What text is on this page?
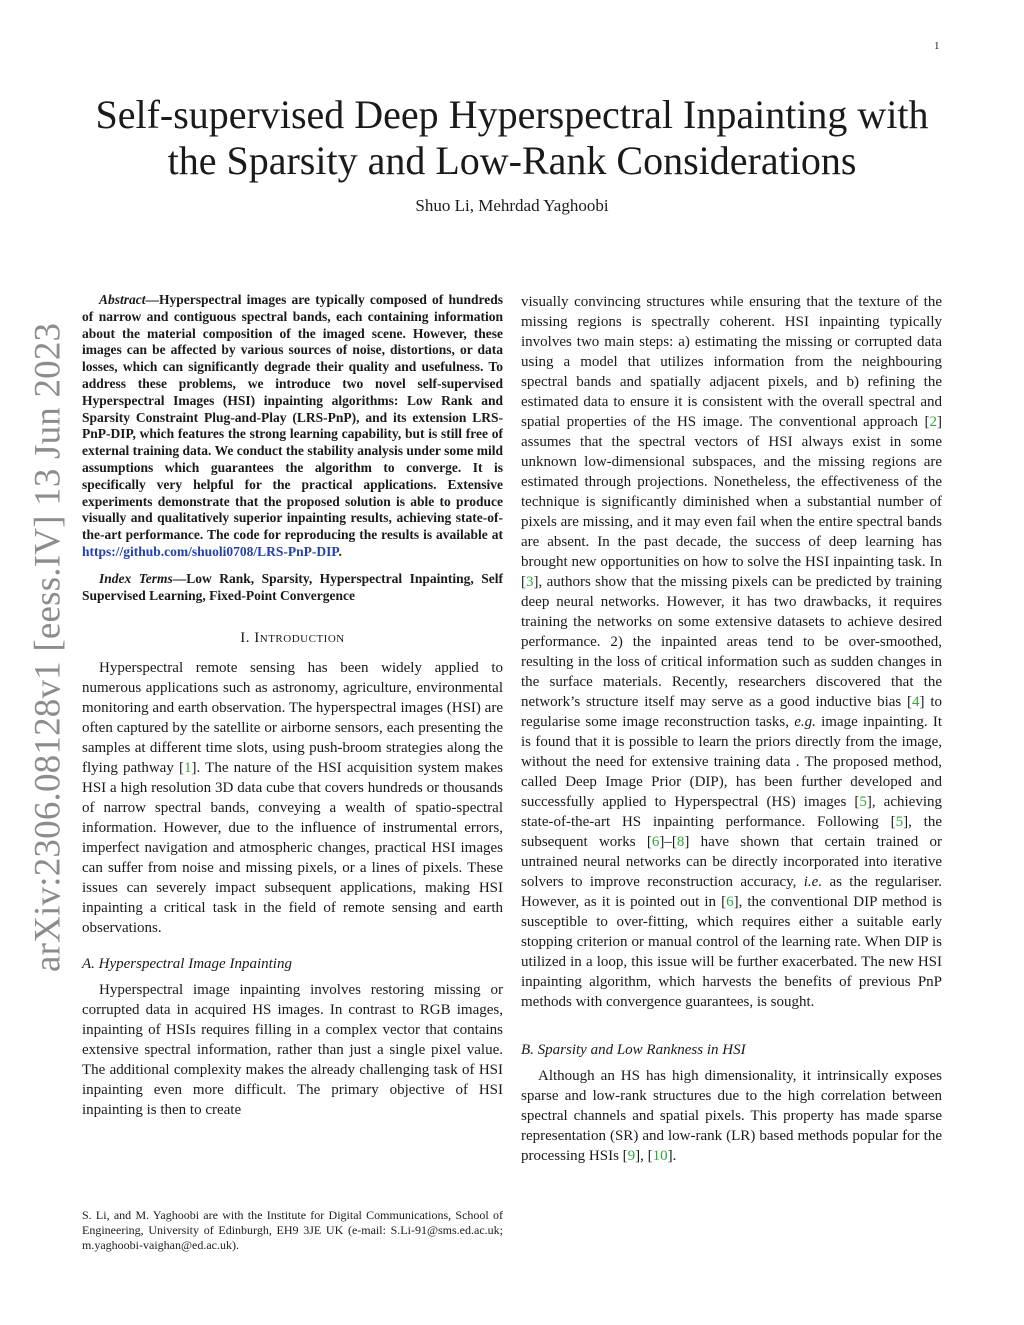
1
arXiv:2306.08128v1 [eess.IV] 13 Jun 2023
Self-supervised Deep Hyperspectral Inpainting with the Sparsity and Low-Rank Considerations
Shuo Li, Mehrdad Yaghoobi

Abstract—Hyperspectral images are typically composed of hundreds of narrow and contiguous spectral bands, each containing information about the material composition of the imaged scene. However, these images can be affected by various sources of noise, distortions, or data losses, which can significantly degrade their quality and usefulness. To address these problems, we introduce two novel self-supervised Hyperspectral Images (HSI) inpainting algorithms: Low Rank and Sparsity Constraint Plug-and-Play (LRS-PnP), and its extension LRS-PnP-DIP, which features the strong learning capability, but is still free of external training data. We conduct the stability analysis under some mild assumptions which guarantees the algorithm to converge. It is specifically very helpful for the practical applications. Extensive experiments demonstrate that the proposed solution is able to produce visually and qualitatively superior inpainting results, achieving state-of-the-art performance. The code for reproducing the results is available at https://github.com/shuoli0708/LRS-PnP-DIP.

Index Terms—Low Rank, Sparsity, Hyperspectral Inpainting, Self Supervised Learning, Fixed-Point Convergence

I. Introduction

Hyperspectral remote sensing has been widely applied to numerous applications such as astronomy, agriculture, environmental monitoring and earth observation. The hyperspectral images (HSI) are often captured by the satellite or airborne sensors, each presenting the samples at different time slots, using push-broom strategies along the flying pathway [1]. The nature of the HSI acquisition system makes HSI a high resolution 3D data cube that covers hundreds or thousands of narrow spectral bands, conveying a wealth of spatio-spectral information. However, due to the influence of instrumental errors, imperfect navigation and atmospheric changes, practical HSI images can suffer from noise and missing pixels, or a lines of pixels. These issues can severely impact subsequent applications, making HSI inpainting a critical task in the field of remote sensing and earth observations.

A. Hyperspectral Image Inpainting

Hyperspectral image inpainting involves restoring missing or corrupted data in acquired HS images. In contrast to RGB images, inpainting of HSIs requires filling in a complex vector that contains extensive spectral information, rather than just a single pixel value. The additional complexity makes the already challenging task of HSI inpainting even more difficult. The primary objective of HSI inpainting is then to create

S. Li, and M. Yaghoobi are with the Institute for Digital Communications, School of Engineering, University of Edinburgh, EH9 3JE UK (e-mail: S.Li-91@sms.ed.ac.uk; m.yaghoobi-vaighan@ed.ac.uk).

visually convincing structures while ensuring that the texture of the missing regions is spectrally coherent. HSI inpainting typically involves two main steps: a) estimating the missing or corrupted data using a model that utilizes information from the neighbouring spectral bands and spatially adjacent pixels, and b) refining the estimated data to ensure it is consistent with the overall spectral and spatial properties of the HS image. The conventional approach [2] assumes that the spectral vectors of HSI always exist in some unknown low-dimensional subspaces, and the missing regions are estimated through projections. Nonetheless, the effectiveness of the technique is significantly diminished when a substantial number of pixels are missing, and it may even fail when the entire spectral bands are absent. In the past decade, the success of deep learning has brought new opportunities on how to solve the HSI inpainting task. In [3], authors show that the missing pixels can be predicted by training deep neural networks. However, it has two drawbacks, it requires training the networks on some extensive datasets to achieve desired performance. 2) the inpainted areas tend to be over-smoothed, resulting in the loss of critical information such as sudden changes in the surface materials. Recently, researchers discovered that the network’s structure itself may serve as a good inductive bias [4] to regularise some image reconstruction tasks, e.g. image inpainting. It is found that it is possible to learn the priors directly from the image, without the need for extensive training data . The proposed method, called Deep Image Prior (DIP), has been further developed and successfully applied to Hyperspectral (HS) images [5], achieving state-of-the-art HS inpainting performance. Following [5], the subsequent works [6]–[8] have shown that certain trained or untrained neural networks can be directly incorporated into iterative solvers to improve reconstruction accuracy, i.e. as the regulariser. However, as it is pointed out in [6], the conventional DIP method is susceptible to over-fitting, which requires either a suitable early stopping criterion or manual control of the learning rate. When DIP is utilized in a loop, this issue will be further exacerbated. The new HSI inpainting algorithm, which harvests the benefits of previous PnP methods with convergence guarantees, is sought.

B. Sparsity and Low Rankness in HSI

Although an HS has high dimensionality, it intrinsically exposes sparse and low-rank structures due to the high correlation between spectral channels and spatial pixels. This property has made sparse representation (SR) and low-rank (LR) based methods popular for the processing HSIs [9], [10].
